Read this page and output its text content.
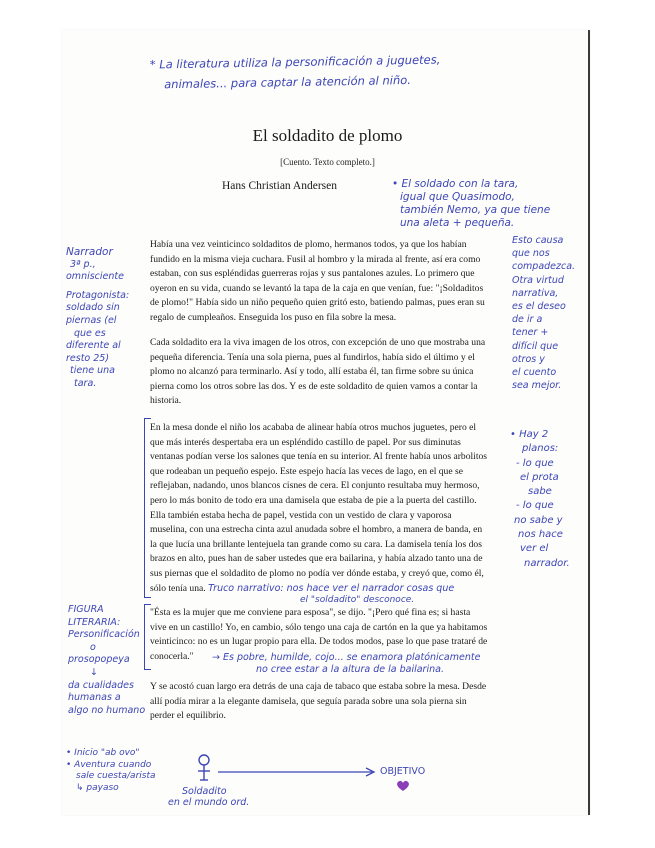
* La literatura utiliza la personificación a juguetes,
animales... para captar la atención al niño.
El soldadito de plomo
[Cuento. Texto completo.]
Hans Christian Andersen	• El soldado con la tara,
igual que Quasimodo,
también Nemo, ya que tiene
una aleta + pequeña.
Había una vez veinticinco soldaditos de plomo, hermanos todos, ya que los habían
fundido en la misma vieja cuchara. Fusil al hombro y la mirada al frente, así era como
estaban, con sus espléndidas guerreras rojas y sus pantalones azules. Lo primero que
oyeron en su vida, cuando se levantó la tapa de la caja en que venían, fue: "¡Soldaditos
de plomo!" Había sido un niño pequeño quien gritó esto, batiendo palmas, pues eran su
regalo de cumpleaños. Enseguida los puso en fila sobre la mesa.
Cada soldadito era la viva imagen de los otros, con excepción de uno que mostraba una
pequeña diferencia. Tenía una sola pierna, pues al fundirlos, había sido el último y el
plomo no alcanzó para terminarlo. Así y todo, allí estaba él, tan firme sobre su única
pierna como los otros sobre las dos. Y es de este soldadito de quien vamos a contar la
historia.
En la mesa donde el niño los acababa de alinear había otros muchos juguetes, pero el
que más interés despertaba era un espléndido castillo de papel. Por sus diminutas
ventanas podían verse los salones que tenía en su interior. Al frente había unos arbolitos
que rodeaban un pequeño espejo. Este espejo hacía las veces de lago, en el que se
reflejaban, nadando, unos blancos cisnes de cera. El conjunto resultaba muy hermoso,
pero lo más bonito de todo era una damisela que estaba de pie a la puerta del castillo.
Ella también estaba hecha de papel, vestida con un vestido de clara y vaporosa
muselina, con una estrecha cinta azul anudada sobre el hombro, a manera de banda, en
la que lucía una brillante lentejuela tan grande como su cara. La damisela tenía los dos
brazos en alto, pues han de saber ustedes que era bailarina, y había alzado tanto una de
sus piernas que el soldadito de plomo no podía ver dónde estaba, y creyó que, como él,
sólo tenía una. Truco narrativo: nos hace ver el narrador cosas que
el "soldadito" desconoce.
"Ésta es la mujer que me conviene para esposa", se dijo. "¡Pero qué fina es; si hasta
vive en un castillo! Yo, en cambio, sólo tengo una caja de cartón en la que ya habitamos
veinticinco: no es un lugar propio para ella. De todos modos, pase lo que pase trataré de
conocerla."	→ Es pobre, humilde, cojo... se enamora platónicamente
no cree estar a la altura de la bailarina.
Y se acostó cuan largo era detrás de una caja de tabaco que estaba sobre la mesa. Desde
allí podía mirar a la elegante damisela, que seguía parada sobre una sola pierna sin
perder el equilibrio.
Narrador
3ª p.,
omnisciente
Protagonista:
soldado sin
piernas (el
que es
diferente al
resto 25)
tiene una
tara.
Esto causa
que nos
compadezca.
Otra virtud
narrativa,
es el deseo
de ir a
tener +
difícil que
otros y
el cuento
sea mejor.
• Hay 2
planos:
- lo que
el prota
sabe
- lo que
no sabe y
nos hace
ver el
narrador.
FIGURA
LITERARIA:
Personificación
o
prosopopeya
↓
da cualidades
humanas a
algo no humano
• Inicio "ab ovo"
• Aventura cuando
sale cuesta/arista
↳ payaso
OBJETIVO
Soldadito
en el mundo ord.
